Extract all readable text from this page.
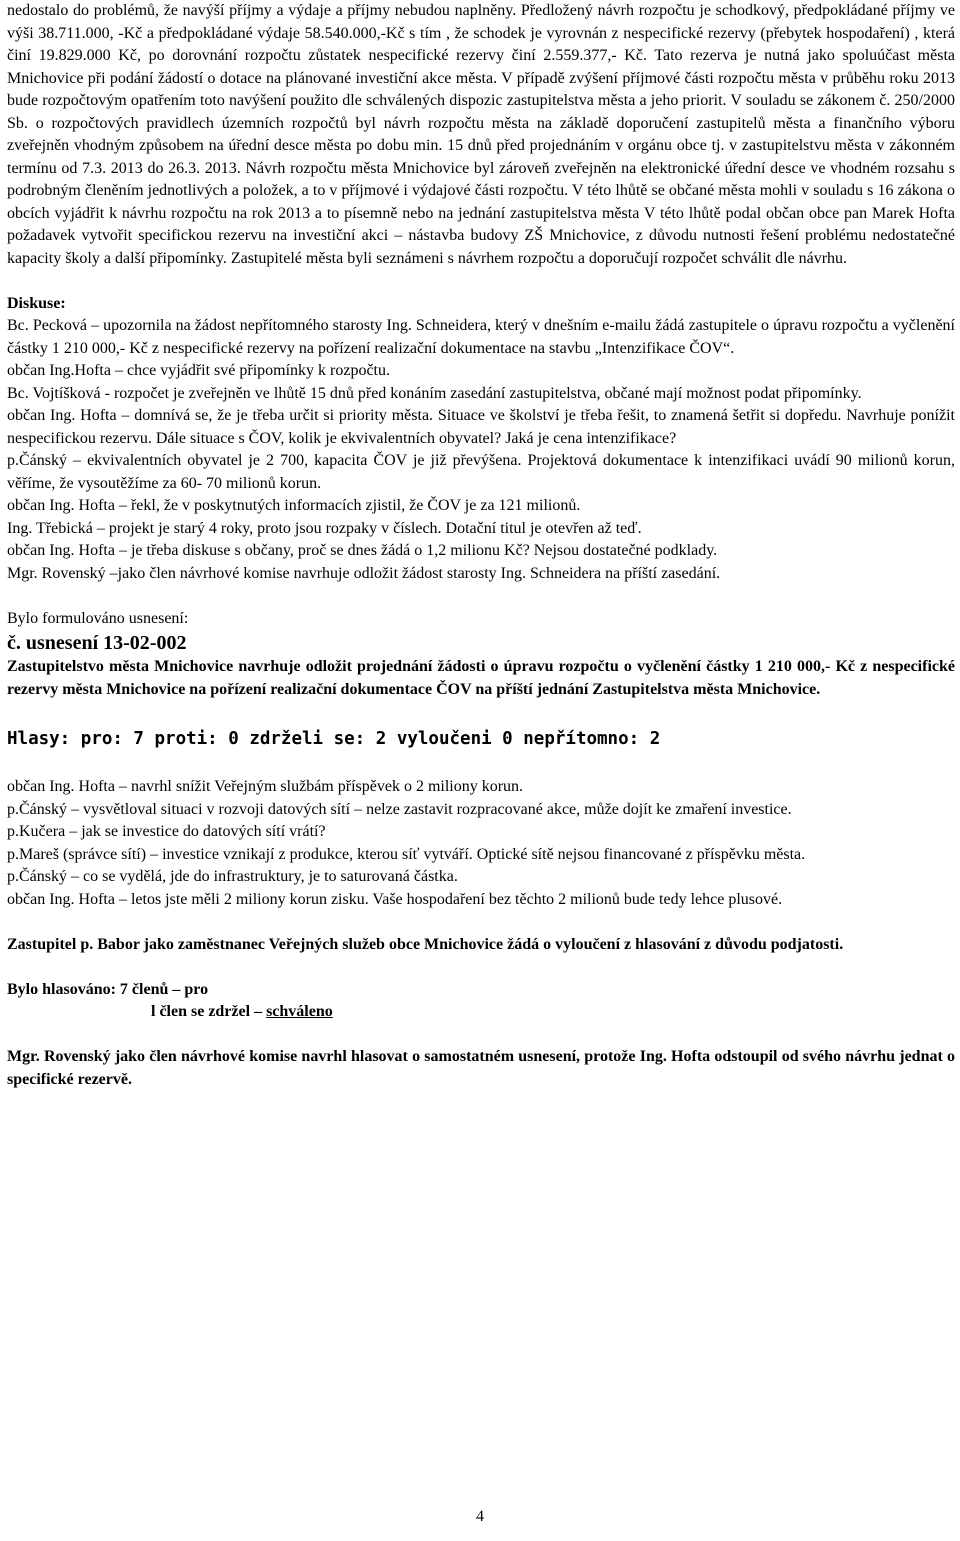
nedostalo do problémů, že navýší příjmy a výdaje a příjmy nebudou naplněny. Předložený návrh rozpočtu je schodkový, předpokládané příjmy ve výši 38.711.000, -Kč a předpokládané výdaje 58.540.000,-Kč s tím , že schodek je vyrovnán z nespecifické rezervy (přebytek hospodaření) , která činí 19.829.000 Kč, po dorovnání rozpočtu zůstatek nespecifické rezervy činí 2.559.377,- Kč. Tato rezerva je nutná jako spoluúčast města Mnichovice při podání žádostí o dotace na plánované investiční akce města. V případě zvýšení příjmové části rozpočtu města v průběhu roku 2013 bude rozpočtovým opatřením toto navýšení použito dle schválených dispozic zastupitelstva města a jeho priorit. V souladu se zákonem č. 250/2000 Sb. o rozpočtových pravidlech územních rozpočtů byl návrh rozpočtu města na základě doporučení zastupitelů města a finančního výboru zveřejněn vhodným způsobem na úřední desce města po dobu min. 15 dnů před projednáním v orgánu obce tj. v zastupitelstvu města v zákonném termínu od 7.3. 2013 do 26.3. 2013. Návrh rozpočtu města Mnichovice byl zároveň zveřejněn na elektronické úřední desce ve vhodném rozsahu s podrobným členěním jednotlivých a položek, a to v příjmové i výdajové části rozpočtu. V této lhůtě se občané města mohli v souladu s 16 zákona o obcích vyjádřit k návrhu rozpočtu na rok 2013 a to písemně nebo na jednání zastupitelstva města V této lhůtě podal občan obce pan Marek Hofta požadavek vytvořit specifickou rezervu na investiční akci – nástavba budovy ZŠ Mnichovice, z důvodu nutnosti řešení problému nedostatečné kapacity školy a další připomínky. Zastupitelé města byli seznámeni s návrhem rozpočtu a doporučují rozpočet schválit dle návrhu.

Diskuse:

Bc. Pecková – upozornila na žádost nepřítomného starosty Ing. Schneidera, který v dnešním e-mailu žádá zastupitele o úpravu rozpočtu a vyčlenění částky 1 210 000,- Kč z nespecifické rezervy na pořízení realizační dokumentace na stavbu „Intenzifikace ČOV“.

občan Ing.Hofta – chce vyjádřit své připomínky k rozpočtu.

Bc. Vojtíšková - rozpočet je zveřejněn ve lhůtě 15 dnů před konáním zasedání zastupitelstva, občané mají možnost podat připomínky.

občan Ing. Hofta – domnívá se, že je třeba určit si priority města. Situace ve školství je třeba řešit, to znamená šetřit si dopředu. Navrhuje ponížit nespecifickou rezervu. Dále situace s ČOV, kolik je ekvivalentních obyvatel? Jaká je cena intenzifikace?

p.Čánský – ekvivalentních obyvatel je 2 700, kapacita ČOV je již převýšena. Projektová dokumentace k intenzifikaci uvádí 90 milionů korun, věříme, že vysoutěžíme za 60- 70 milionů korun.

občan Ing. Hofta – řekl, že v poskytnutých informacích zjistil, že ČOV je za 121 milionů.

Ing. Třebická – projekt je starý 4 roky, proto jsou rozpaky v číslech. Dotační titul je otevřen až teď.

občan Ing. Hofta – je třeba diskuse s občany, proč se dnes žádá o 1,2 milionu Kč? Nejsou dostatečné podklady.

Mgr. Rovenský –jako člen návrhové komise navrhuje odložit žádost starosty Ing. Schneidera na příští zasedání.

Bylo formulováno usnesení:

č. usnesení 13-02-002

Zastupitelstvo města Mnichovice navrhuje odložit projednání žádosti o úpravu rozpočtu o vyčlenění částky 1 210 000,- Kč z nespecifické rezervy města Mnichovice na pořízení realizační dokumentace ČOV na příští jednání Zastupitelstva města Mnichovice.

Hlasy: pro: 7 proti: 0 zdrželi se: 2 vyloučeni 0 nepřítomno: 2

občan Ing. Hofta – navrhl snížit Veřejným službám příspěvek o 2 miliony korun.

p.Čánský – vysvětloval situaci v rozvoji datových sítí – nelze zastavit rozpracované akce, může dojít ke zmaření investice.

p.Kučera – jak se investice do datových sítí vrátí?

p.Mareš (správce sítí) – investice vznikají z produkce, kterou síť vytváří. Optické sítě nejsou financované z příspěvku města.

p.Čánský – co se vydělá, jde do infrastruktury, je to saturovaná částka.

občan Ing. Hofta – letos jste měli 2 miliony korun zisku. Vaše hospodaření bez těchto 2 milionů bude tedy lehce plusové.

Zastupitel p. Babor jako zaměstnanec Veřejných služeb obce Mnichovice žádá o vyloučení z hlasování z důvodu podjatosti.

Bylo hlasováno: 7 členů – pro

l člen se zdržel – schváleno

Mgr. Rovenský jako člen návrhové komise navrhl hlasovat o samostatném usnesení, protože Ing. Hofta odstoupil od svého návrhu jednat o specifické rezervě.

4
